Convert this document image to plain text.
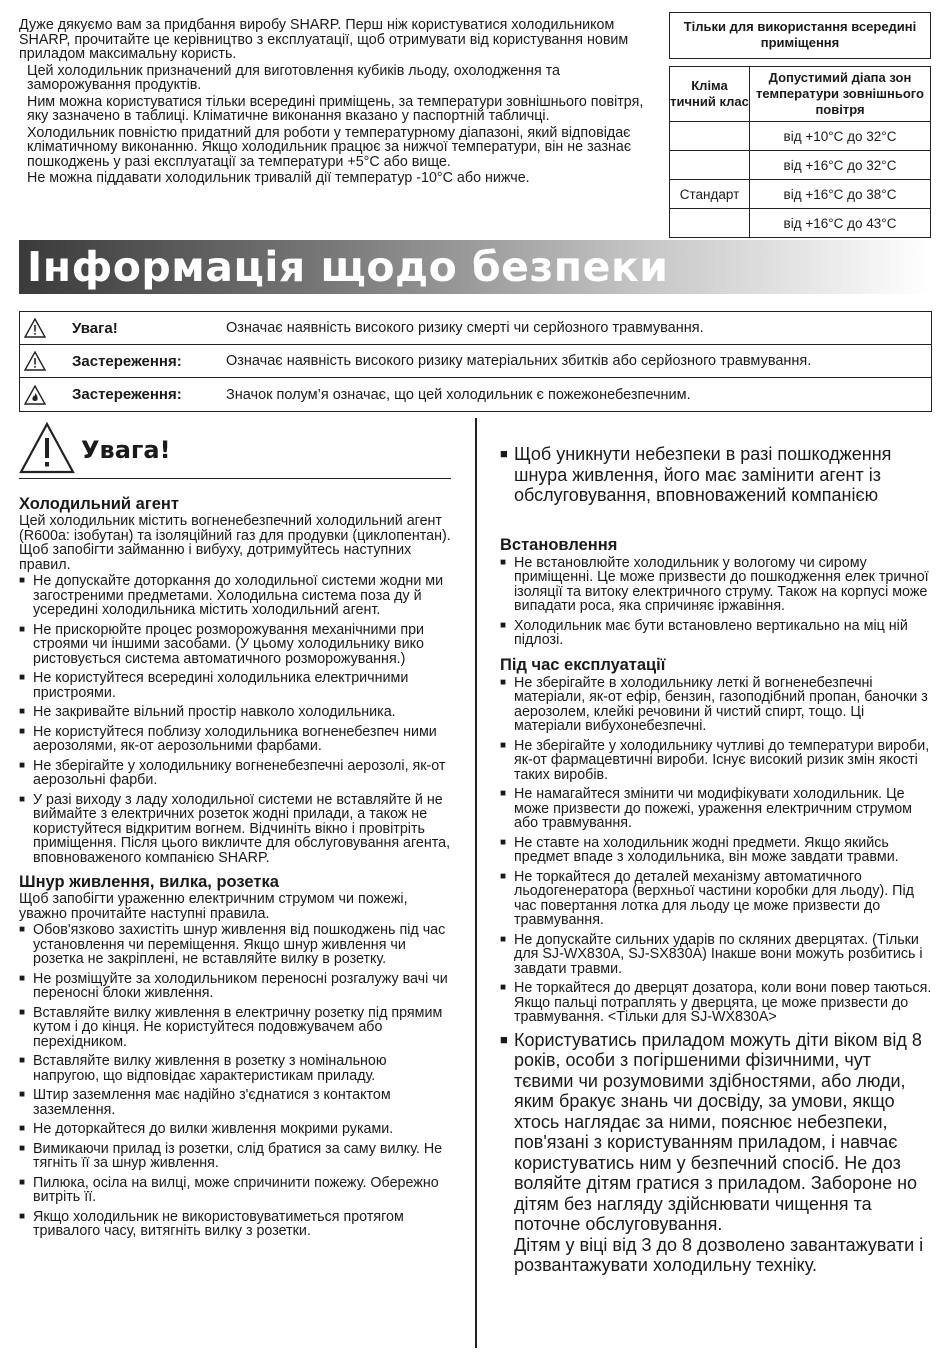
Дуже дякуємо вам за придбання виробу SHARP. Перш ніж користуватися холодильником SHARP, прочитайте це керівництво з експлуатації, щоб отримувати від користування новим приладом максимальну користь.

Цей холодильник призначений для виготовлення кубиків льоду, охолодження та заморожування продуктів.

Ним можна користуватися тільки всередині приміщень, за температури зовнішнього повітря, яку зазначено в таблиці. Кліматичне виконання вказано у паспортній табличці.

Холодильник повністю придатний для роботи у температурному діапазоні, який відповідає кліматичному виконанню. Якщо холодильник працює за нижчої температури, він не зазнає пошкоджень у разі експлуатації за температури +5°C або вище.

Не можна піддавати холодильник тривалій дії температур -10°C або нижче.

Тільки для використання всередині приміщення
Кліма тичний клас	Допустимий діапа зон температури зовнішнього повітря
	від +10°C до 32°C
	від +16°C до 32°C
Стандарт	від +16°C до 38°C
	від +16°C до 43°C
Інформація щодо безпеки
Увага!	Означає наявність високого ризику смерті чи серйозного травмування.
Застереження:	Означає наявність високого ризику матеріальних збитків або серйозного травмування.
Застереження:	Значок полум’я означає, що цей холодильник є пожежонебезпечним.
Увага!
Холодильний агент
Цей холодильник містить вогненебезпечний холодильний агент (R600a: ізобутан) та ізоляційний газ для продувки (циклопентан).
Щоб запобігти займанню і вибуху, дотримуйтесь наступних правил.
■ Не допускайте доторкання до холодильної системи жодни ми загостреними предметами. Холодильна система поза ду й усередині холодильника містить холодильний агент.
■ Не прискорюйте процес розморожування механічними при строями чи іншими засобами. (У цьому холодильнику вико ристовується система автоматичного розморожування.)
■ Не користуйтеся всередині холодильника електричними пристроями.
■ Не закривайте вільний простір навколо холодильника.
■ Не користуйтеся поблизу холодильника вогненебезпеч ними аерозолями, як-от аерозольними фарбами.
■ Не зберігайте у холодильнику вогненебезпечні аерозолі, як-от аерозольні фарби.
■ У разі виходу з ладу холодильної системи не вставляйте й не виймайте з електричних розеток жодні прилади, а також не користуйтеся відкритим вогнем. Відчиніть вікно і провітріть приміщення. Після цього викличте для обслуговування агента, вповноваженого компанією SHARP.
Шнур живлення, вилка, розетка
Щоб запобігти ураженню електричним струмом чи пожежі, уважно прочитайте наступні правила.
■ Обов'язково захистіть шнур живлення від пошкоджень під час установлення чи переміщення. Якщо шнур живлення чи розетка не закріплені, не вставляйте вилку в розетку.
■ Не розміщуйте за холодильником переносні розгалужу вачі чи переносні блоки живлення.
■ Вставляйте вилку живлення в електричну розетку під прямим кутом і до кінця. Не користуйтеся подовжувачем або перехідником.
■ Вставляйте вилку живлення в розетку з номінальною напругою, що відповідає характеристикам приладу.
■ Штир заземлення має надійно з'єднатися з контактом заземлення.
■ Не доторкайтеся до вилки живлення мокрими руками.
■ Вимикаючи прилад із розетки, слід братися за саму вилку. Не тягніть її за шнур живлення.
■ Пилюка, осіла на вилці, може спричинити пожежу. Обережно витріть її.
■ Якщо холодильник не використовуватиметься протягом тривалого часу, витягніть вилку з розетки.
■ Щоб уникнути небезпеки в разі пошкодження шнура живлення, його має замінити агент із обслуговування, вповноважений компанією
Встановлення
■ Не встановлюйте холодильник у вологому чи сирому приміщенні. Це може призвести до пошкодження елек тричної ізоляції та витоку електричного струму. Також на корпусі може випадати роса, яка спричиняє іржавіння.
■ Холодильник має бути встановлено вертикально на міц ній підлозі.
Під час експлуатації
■ Не зберігайте в холодильнику леткі й вогненебезпечні матеріали, як-от ефір, бензин, газоподібний пропан, баночки з аерозолем, клейкі речовини й чистий спирт, тощо. Ці матеріали вибухонебезпечні.
■ Не зберігайте у холодильнику чутливі до температури вироби, як-от фармацевтичні вироби. Існує високий ризик змін якості таких виробів.
■ Не намагайтеся змінити чи модифікувати холодильник. Це може призвести до пожежі, ураження електричним струмом або травмування.
■ Не ставте на холодильник жодні предмети. Якщо якийсь предмет впаде з холодильника, він може завдати травми.
■ Не торкайтеся до деталей механізму автоматичного льодогенератора (верхньої частини коробки для льоду). Під час повертання лотка для льоду це може призвести до травмування.
■ Не допускайте сильних ударів по скляних дверцятах. (Тільки для SJ-WX830A, SJ-SX830A) Інакше вони можуть розбитись і завдати травми.
■ Не торкайтеся до дверцят дозатора, коли вони повер таються. Якщо пальці потраплять у дверцята, це може призвести до травмування. <Тільки для SJ-WX830A>
■ Користуватись приладом можуть діти віком від 8 років, особи з погіршеними фізичними, чут тєвими чи розумовими здібностями, або люди, яким бракує знань чи досвіду, за умови, якщо хтось наглядає за ними, пояснює небезпеки, пов'язані з користуванням приладом, і навчає користуватись ним у безпечний спосіб. Не доз воляйте дітям гратися з приладом. Забороне но дітям без нагляду здійснювати чищення та поточне обслуговування.
Дітям у віці від 3 до 8 дозволено завантажувати і розвантажувати холодильну техніку.
